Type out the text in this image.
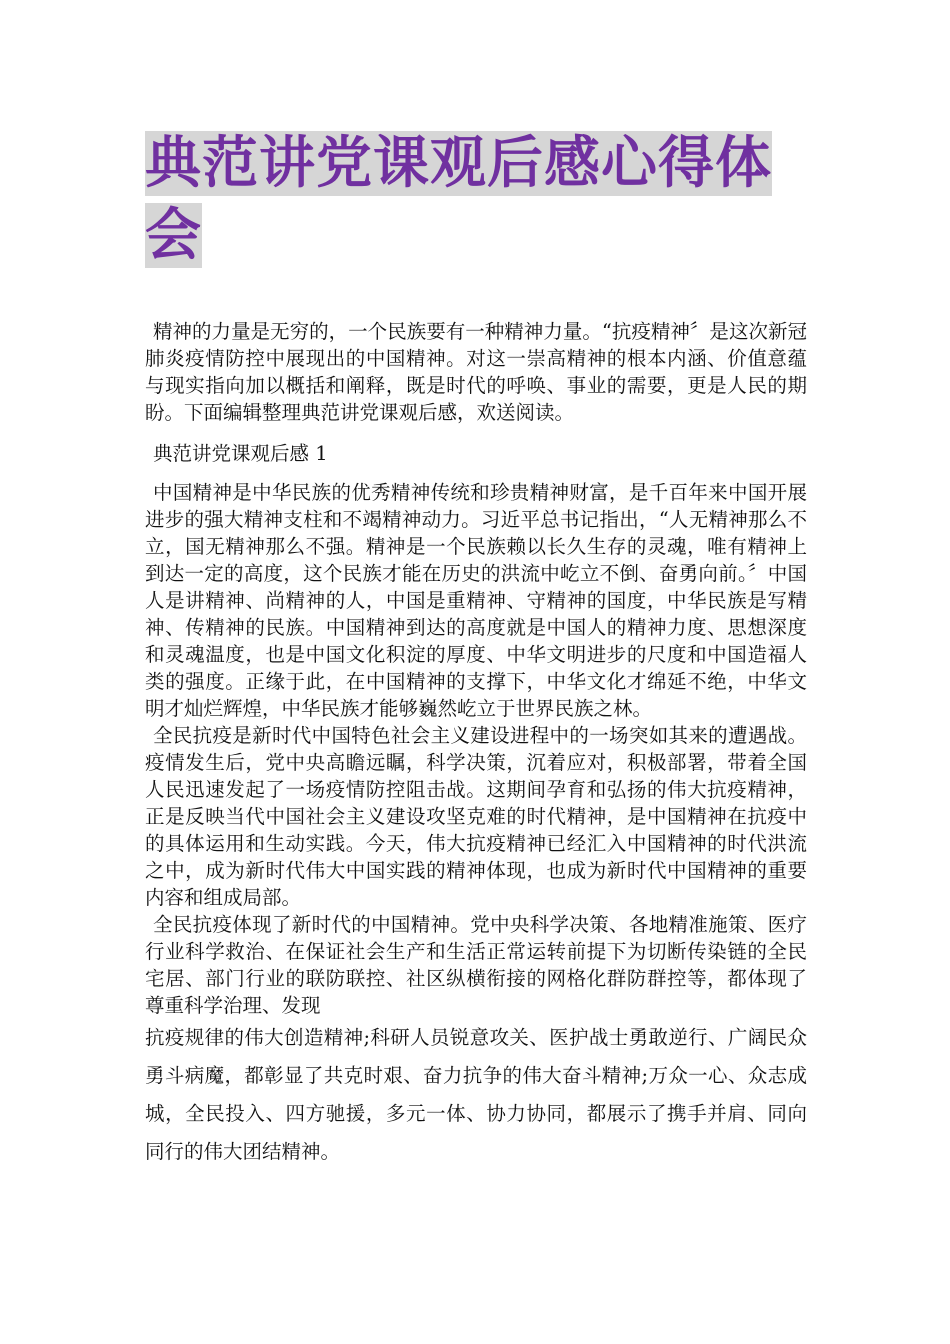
典范讲党课观后感心得体会

精神的力量是无穷的，一个民族要有一种精神力量。“抗疫精神〞是这次新冠肺炎疫情防控中展现出的中国精神。对这一崇高精神的根本内涵、价值意蕴与现实指向加以概括和阐释，既是时代的呼唤、事业的需要，更是人民的期盼。下面编辑整理典范讲党课观后感，欢送阅读。

典范讲党课观后感 1

中国精神是中华民族的优秀精神传统和珍贵精神财富，是千百年来中国开展进步的强大精神支柱和不竭精神动力。习近平总书记指出，“人无精神那么不立，国无精神那么不强。精神是一个民族赖以长久生存的灵魂，唯有精神上到达一定的高度，这个民族才能在历史的洪流中屹立不倒、奋勇向前。〞中国人是讲精神、尚精神的人，中国是重精神、守精神的国度，中华民族是写精神、传精神的民族。中国精神到达的高度就是中国人的精神力度、思想深度和灵魂温度，也是中国文化积淀的厚度、中华文明进步的尺度和中国造福人类的强度。正缘于此，在中国精神的支撑下，中华文化才绵延不绝，中华文明才灿烂辉煌，中华民族才能够巍然屹立于世界民族之林。

全民抗疫是新时代中国特色社会主义建设进程中的一场突如其来的遭遇战。疫情发生后，党中央高瞻远瞩，科学决策，沉着应对，积极部署，带着全国人民迅速发起了一场疫情防控阻击战。这期间孕育和弘扬的伟大抗疫精神，正是反映当代中国社会主义建设攻坚克难的时代精神，是中国精神在抗疫中的具体运用和生动实践。今天，伟大抗疫精神已经汇入中国精神的时代洪流之中，成为新时代伟大中国实践的精神体现，也成为新时代中国精神的重要内容和组成局部。

全民抗疫体现了新时代的中国精神。党中央科学决策、各地精准施策、医疗行业科学救治、在保证社会生产和生活正常运转前提下为切断传染链的全民宅居、部门行业的联防联控、社区纵横衔接的网格化群防群控等，都体现了尊重科学治理、发现

抗疫规律的伟大创造精神;科研人员锐意攻关、医护战士勇敢逆行、广阔民众勇斗病魔，都彰显了共克时艰、奋力抗争的伟大奋斗精神;万众一心、众志成城，全民投入、四方驰援，多元一体、协力协同，都展示了携手并肩、同向同行的伟大团结精神。
